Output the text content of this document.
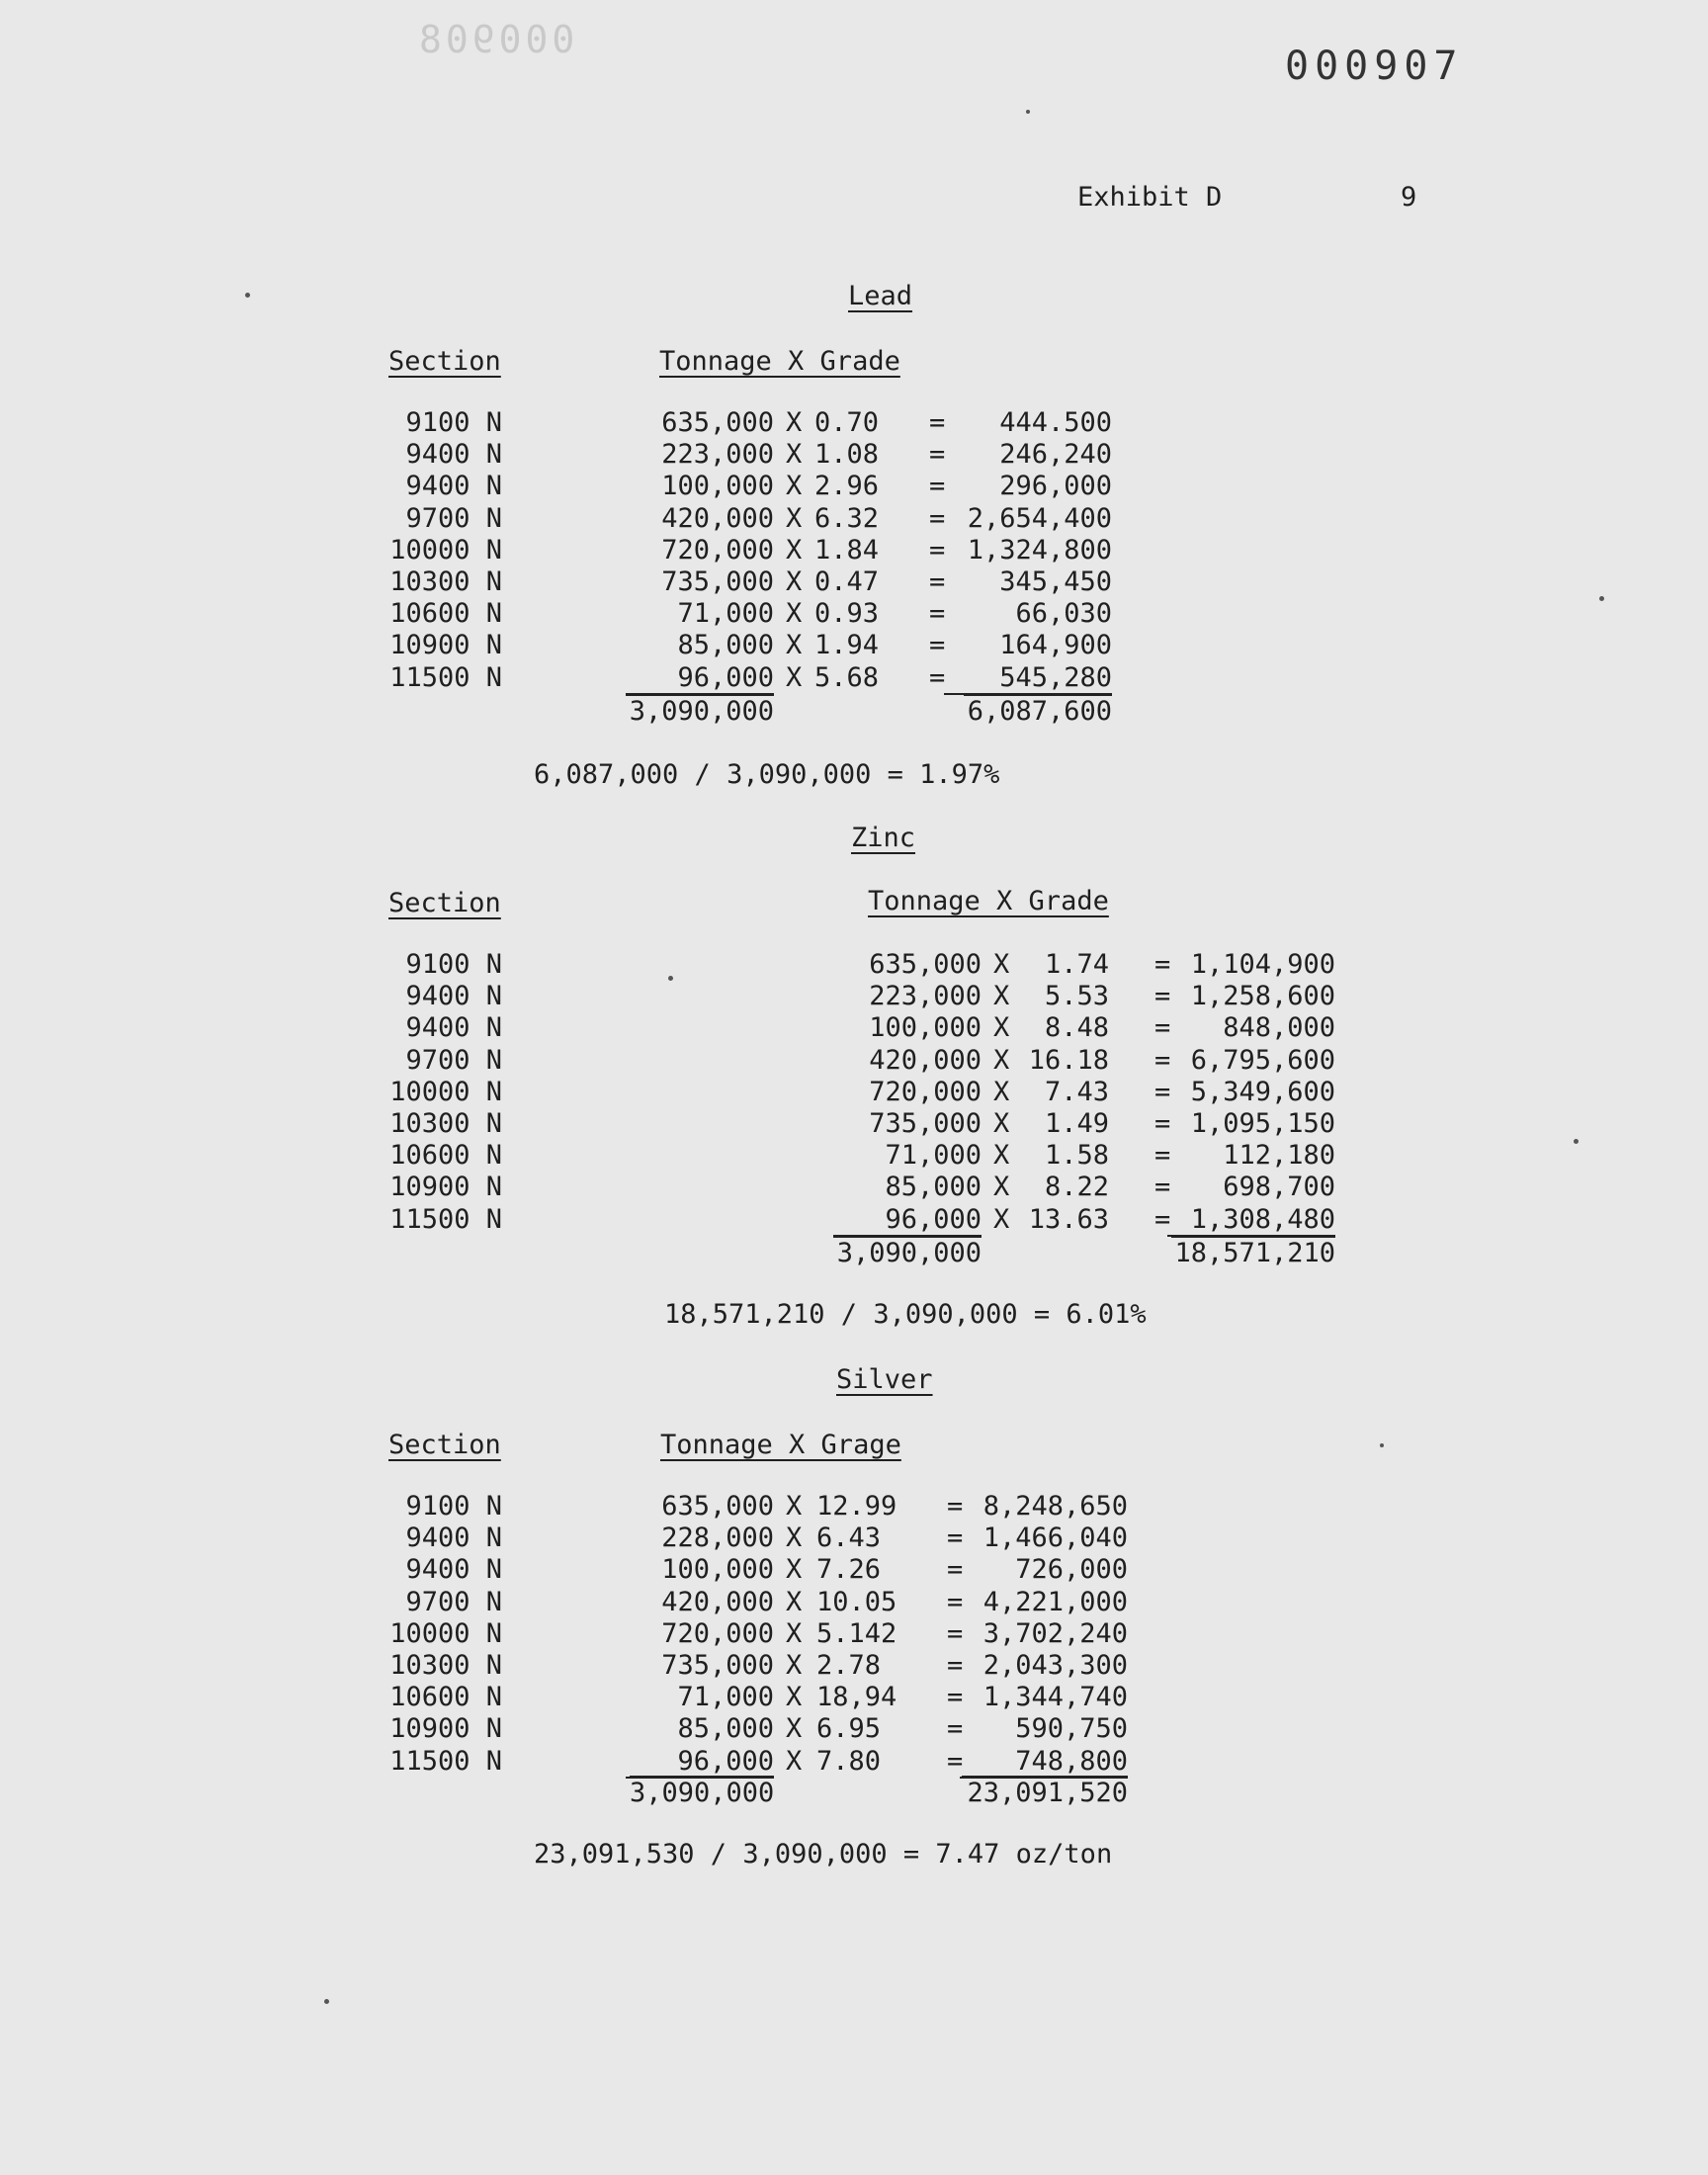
000908
000907
Exhibit D	9
Lead
Section	Tonnage X Grade
9100 N	635,000 X 0.70 =	444.500
9400 N	223,000 X 1.08 =	246,240
9400 N	100,000 X 2.96 =	296,000
9700 N	420,000 X 6.32 = 2,654,400
10000 N	720,000 X 1.84 = 1,324,800
10300 N	735,000 X 0.47 =	345,450
10600 N	71,000 X 0.93 =	66,030
10900 N	85,000 X 1.94 =	164,900
11500 N	96,000 X 5.68 =	545,280
3,090,000	6,087,600
6,087,000 / 3,090,000 = 1.97%
Zinc
Section	Tonnage X Grade
9100 N	635,000 X	1.74 = 1,104,900
9400 N	223,000 X	5.53 = 1,258,600
9400 N	100,000 X	8.48 =	848,000
9700 N	420,000 X 16.18 = 6,795,600
10000 N	720,000 X	7.43 = 5,349,600
10300 N	735,000 X	1.49 = 1,095,150
10600 N	71,000 X	1.58 =	112,180
10900 N	85,000 X	8.22 =	698,700
11500 N	96,000 X 13.63 = 1,308,480
3,090,000	18,571,210
18,571,210 / 3,090,000 = 6.01%
Silver
Section	Tonnage X Grage
9100 N	635,000 X 12.99	= 8,248,650
9400 N	228,000 X 6.43	= 1,466,040
9400 N	100,000 X 7.26	=	726,000
9700 N	420,000 X 10.05	= 4,221,000
10000 N	720,000 X 5.142	= 3,702,240
10300 N	735,000 X 2.78	= 2,043,300
10600 N	71,000 X 18,94	= 1,344,740
10900 N	85,000 X 6.95	=	590,750
11500 N	96,000 X 7.80	=	748,800
3,090,000	23,091,520
23,091,530 / 3,090,000 = 7.47 oz/ton
